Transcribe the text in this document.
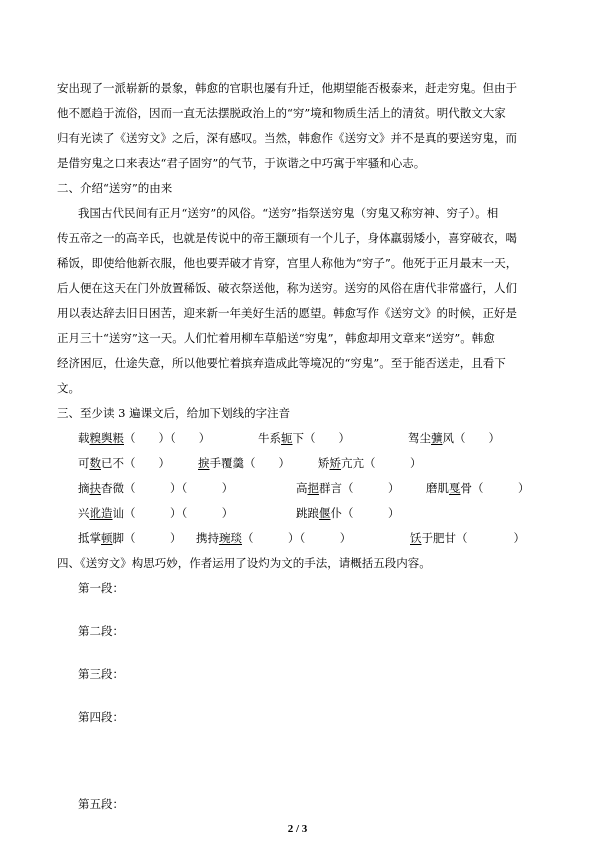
安出现了一派崭新的景象，韩愈的官职也屡有升迁，他期望能否极泰来，赶走穷鬼。但由于
他不愿趋于流俗，因而一直无法摆脱政治上的“穷”境和物质生活上的清贫。明代散文大家
归有光读了《送穷文》之后，深有感叹。当然，韩愈作《送穷文》并不是真的要送穷鬼，而
是借穷鬼之口来表达“君子固穷”的气节，于诙谐之中巧寓于牢骚和心志。
二、介绍“送穷”的由来
我国古代民间有正月“送穷”的风俗。“送穷”指祭送穷鬼（穷鬼又称穷神、穷子）。相
传五帝之一的高辛氏，也就是传说中的帝王颛顼有一个儿子，身体羸弱矮小，喜穿破衣，喝
稀饭，即使给他新衣服，他也要弄破才肯穿，宫里人称他为“穷子”。他死于正月最末一天，
后人便在这天在门外放置稀饭、破衣祭送他，称为送穷。送穷的风俗在唐代非常盛行，人们
用以表达辞去旧日困苦，迎来新一年美好生活的愿望。韩愈写作《送穷文》的时候，正好是
正月三十“送穷”这一天。人们忙着用柳车草船送“穷鬼”，韩愈却用文章来“送穷”。韩愈
经济困厄，仕途失意，所以他要忙着摈弃造成此等境况的“穷鬼”。至于能否送走，且看下
文。
三、至少读 3 遍课文后，给加下划线的字注音
载糗舆粻（　　）（　　）	牛系轭下（　　）	驾尘彍风（　　）
可数已不（　　） 捩手覆羹（　　） 矫矫亢亢（　　　）
摘抉杳微（　　　）（　　　）	高挹群言（　　　） 磨肌戛骨（　　　）
兴讹造讪（　　　）（　　　）	跳踉偃仆（　　　）
抵掌顿脚（　　　） 携持琬琰（　　　）（　　　）	饫于肥甘（　　　　）
四、《送穷文》构思巧妙，作者运用了设灼为文的手法，请概括五段内容。
第一段：
第二段：
第三段：
第四段：
第五段：
2 / 3
